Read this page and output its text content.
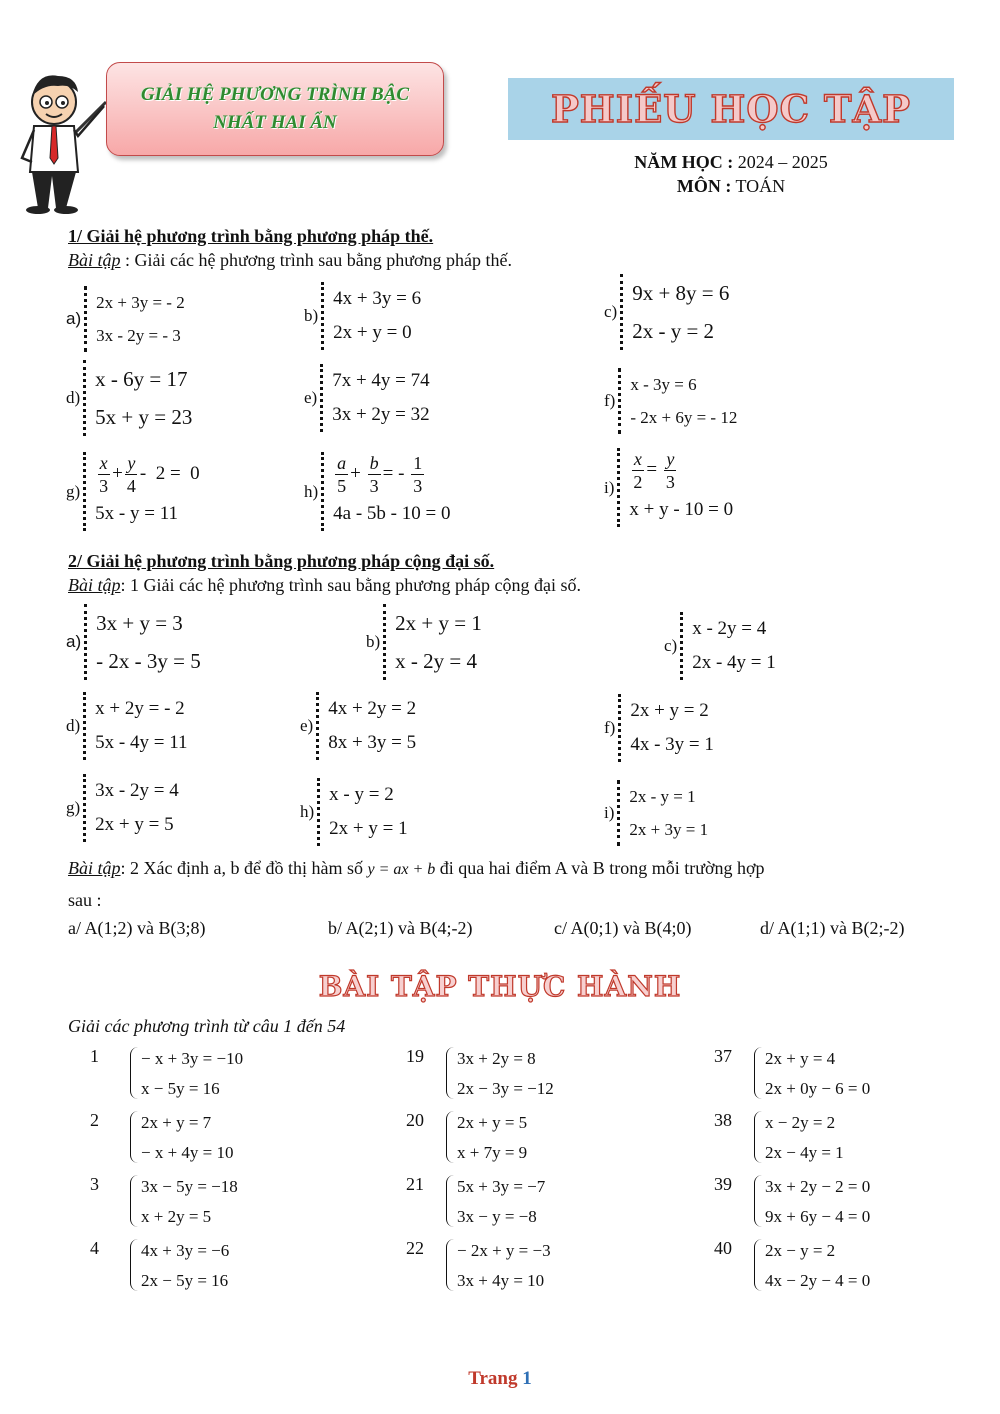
GIẢI HỆ PHƯƠNG TRÌNH BẬC
NHẤT HAI ẨN	PHIẾU HỌC TẬP
NĂM HỌC : 2024 – 2025
MÔN : TOÁN
1/ Giải hệ phương trình bằng phương pháp thế.
Bài tập : Giải các hệ phương trình sau bằng phương pháp thế.
a)
2x + 3y = - 2
3x - 2y = - 3
b)
4x + 3y = 6
2x + y = 0
c)
9x + 8y = 6
2x - y = 2
d)
x - 6y = 17
5x + y = 23
e)
7x + 4y = 74
3x + 2y = 32
f)
x - 3y = 6
- 2x + 6y = - 12
$g) \frac{x}{3} + \frac{y}{4} - 2 = 0$
5x - y = 11
$h) \frac{a}{5} + \frac{b}{3}$ = - $\frac{1}{3}$
4a - 5b - 10 = 0
$i) \frac{x}{2} = \frac{y}{3}$
x + y - 10 = 0
2/ Giải hệ phương trình bằng phương pháp cộng đại số.
Bài tập: 1 Giải các hệ phương trình sau bằng phương pháp cộng đại số.
a)
3x + y = 3
- 2x - 3y = 5
b)
2x + y = 1
x - 2y = 4
c)
x - 2y = 4
2x - 4y = 1
d)
x + 2y = - 2
5x - 4y = 11
e)
4x + 2y = 2
8x + 3y = 5
f)
2x + y = 2
4x - 3y = 1
g)
3x - 2y = 4
2x + y = 5
h)
x - y = 2
2x + y = 1
i)
2x - y = 1
2x + 3y = 1
Bài tập: 2 Xác định a, b để đồ thị hàm số y = ax + b đi qua hai điểm A và B trong mỗi trường hợp
sau :
a/ A(1;2) và B(3;8)	b/ A(2;1) và B(4;-2)	c/ A(0;1) và B(4;0)	d/ A(1;1) và B(2;-2)
BÀI TẬP THỰC HÀNH
Giải các phương trình từ câu 1 đến 54
1	− x + 3y = −10
x − 5y = 16
19	3x + 2y = 8
2x − 3y = −12
37	2x + y = 4
2x + 0y − 6 = 0
2	2x + y = 7
− x + 4y = 10
20	2x + y = 5
x + 7y = 9
38	x − 2y = 2
2x − 4y = 1
3	3x − 5y = −18
x + 2y = 5
21	5x + 3y = −7
3x − y = −8
39	3x + 2y − 2 = 0
9x + 6y − 4 = 0
4	4x + 3y = −6
2x − 5y = 16
22	− 2x + y = −3
3x + 4y = 10
40	2x − y = 2
4x − 2y − 4 = 0
Trang 1
